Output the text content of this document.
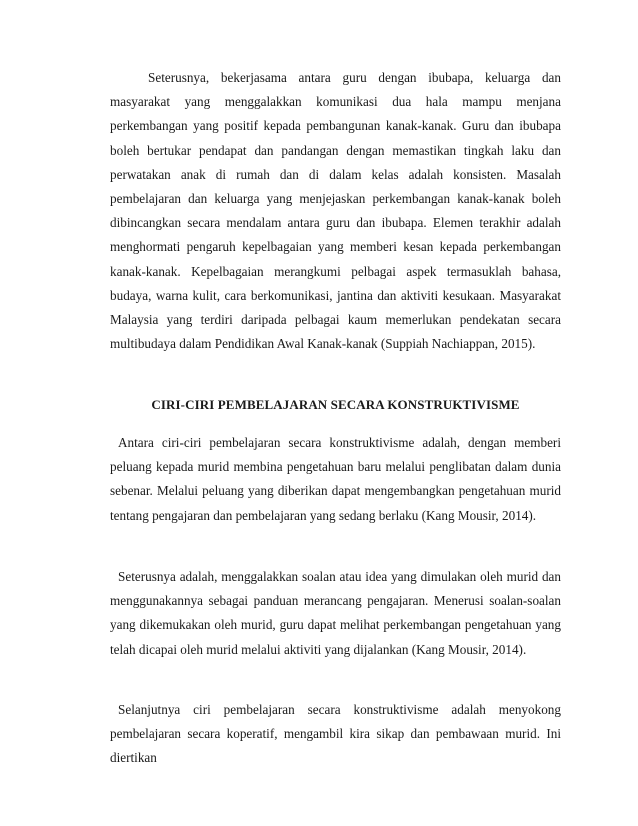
Seterusnya, bekerjasama antara guru dengan ibubapa, keluarga dan masyarakat yang menggalakkan komunikasi dua hala mampu menjana perkembangan yang positif kepada pembangunan kanak-kanak. Guru dan ibubapa boleh bertukar pendapat dan pandangan dengan memastikan tingkah laku dan perwatakan anak di rumah dan di dalam kelas adalah konsisten. Masalah pembelajaran dan keluarga yang menjejaskan perkembangan kanak-kanak boleh dibincangkan secara mendalam antara guru dan ibubapa. Elemen terakhir adalah menghormati pengaruh kepelbagaian yang memberi kesan kepada perkembangan kanak-kanak. Kepelbagaian merangkumi pelbagai aspek termasuklah bahasa, budaya, warna kulit, cara berkomunikasi, jantina dan aktiviti kesukaan. Masyarakat Malaysia yang terdiri daripada pelbagai kaum memerlukan pendekatan secara multibudaya dalam Pendidikan Awal Kanak-kanak (Suppiah Nachiappan, 2015).

CIRI-CIRI PEMBELAJARAN SECARA KONSTRUKTIVISME

Antara ciri-ciri pembelajaran secara konstruktivisme adalah, dengan memberi peluang kepada murid membina pengetahuan baru melalui penglibatan dalam dunia sebenar. Melalui peluang yang diberikan dapat mengembangkan pengetahuan murid tentang pengajaran dan pembelajaran yang sedang berlaku (Kang Mousir, 2014).

Seterusnya adalah, menggalakkan soalan atau idea yang dimulakan oleh murid dan menggunakannya sebagai panduan merancang pengajaran. Menerusi soalan-soalan yang dikemukakan oleh murid, guru dapat melihat perkembangan pengetahuan yang telah dicapai oleh murid melalui aktiviti yang dijalankan (Kang Mousir, 2014).

Selanjutnya ciri pembelajaran secara konstruktivisme adalah menyokong pembelajaran secara koperatif, mengambil kira sikap dan pembawaan murid. Ini diertikan
